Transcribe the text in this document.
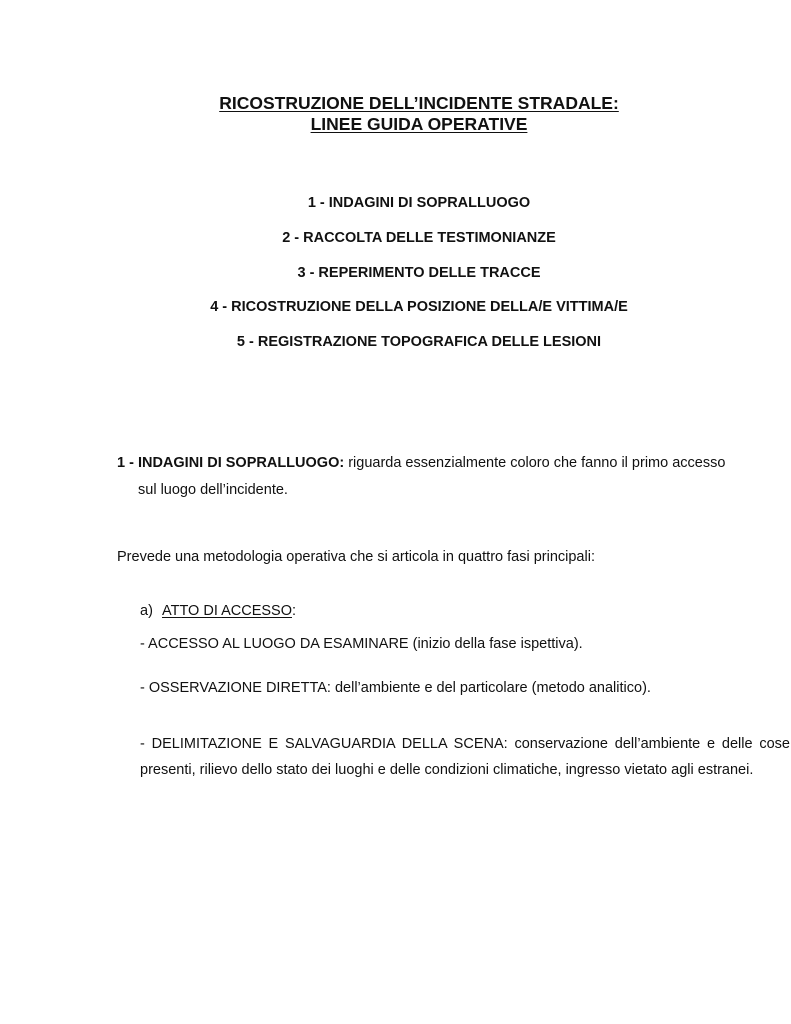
RICOSTRUZIONE DELL’INCIDENTE STRADALE:
LINEE GUIDA OPERATIVE
1 - INDAGINI DI SOPRALLUOGO
2 - RACCOLTA DELLE TESTIMONIANZE
3 - REPERIMENTO DELLE TRACCE
4 - RICOSTRUZIONE DELLA POSIZIONE DELLA/E VITTIMA/E
5 - REGISTRAZIONE TOPOGRAFICA DELLE LESIONI
1 - INDAGINI DI SOPRALLUOGO: riguarda essenzialmente coloro che fanno il primo accesso
sul luogo dell’incidente.
Prevede una metodologia operativa che si articola in quattro fasi principali:
a) ATTO DI ACCESSO:
- ACCESSO AL LUOGO DA ESAMINARE (inizio della fase ispettiva).
- OSSERVAZIONE DIRETTA: dell’ambiente e del particolare (metodo analitico).
- DELIMITAZIONE E SALVAGUARDIA DELLA SCENA: conservazione dell’ambiente e delle cose presenti, rilievo dello stato dei luoghi e delle condizioni climatiche, ingresso vietato agli estranei.
